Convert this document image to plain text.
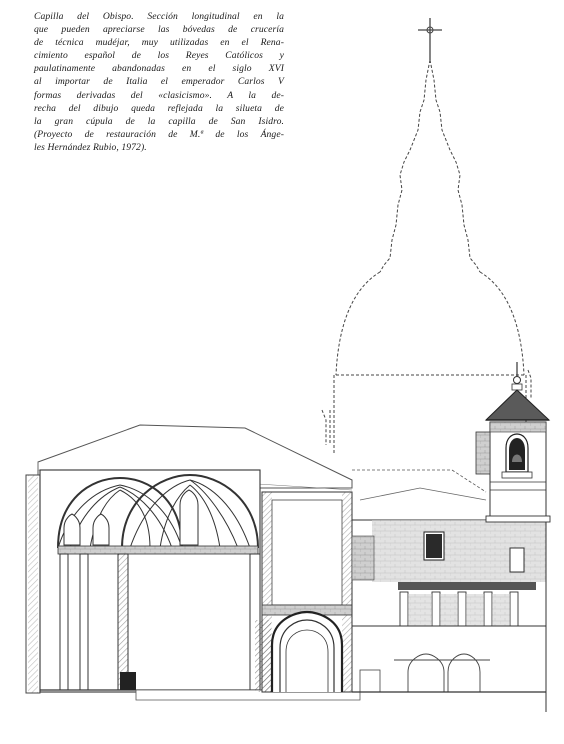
Capilla del Obispo. Sección longitudinal en la
que pueden apreciarse las bóvedas de crucería
de técnica mudéjar, muy utilizadas en el Rena-
cimiento español de los Reyes Católicos y
paulatinamente abandonadas en el siglo XVI
al importar de Italia el emperador Carlos V
formas derivadas del «clasicismo». A la de-
recha del dibujo queda reflejada la silueta de
la gran cúpula de la capilla de San Isidro.
(Proyecto de restauración de M.ª de los Ánge-
les Hernández Rubio, 1972).
